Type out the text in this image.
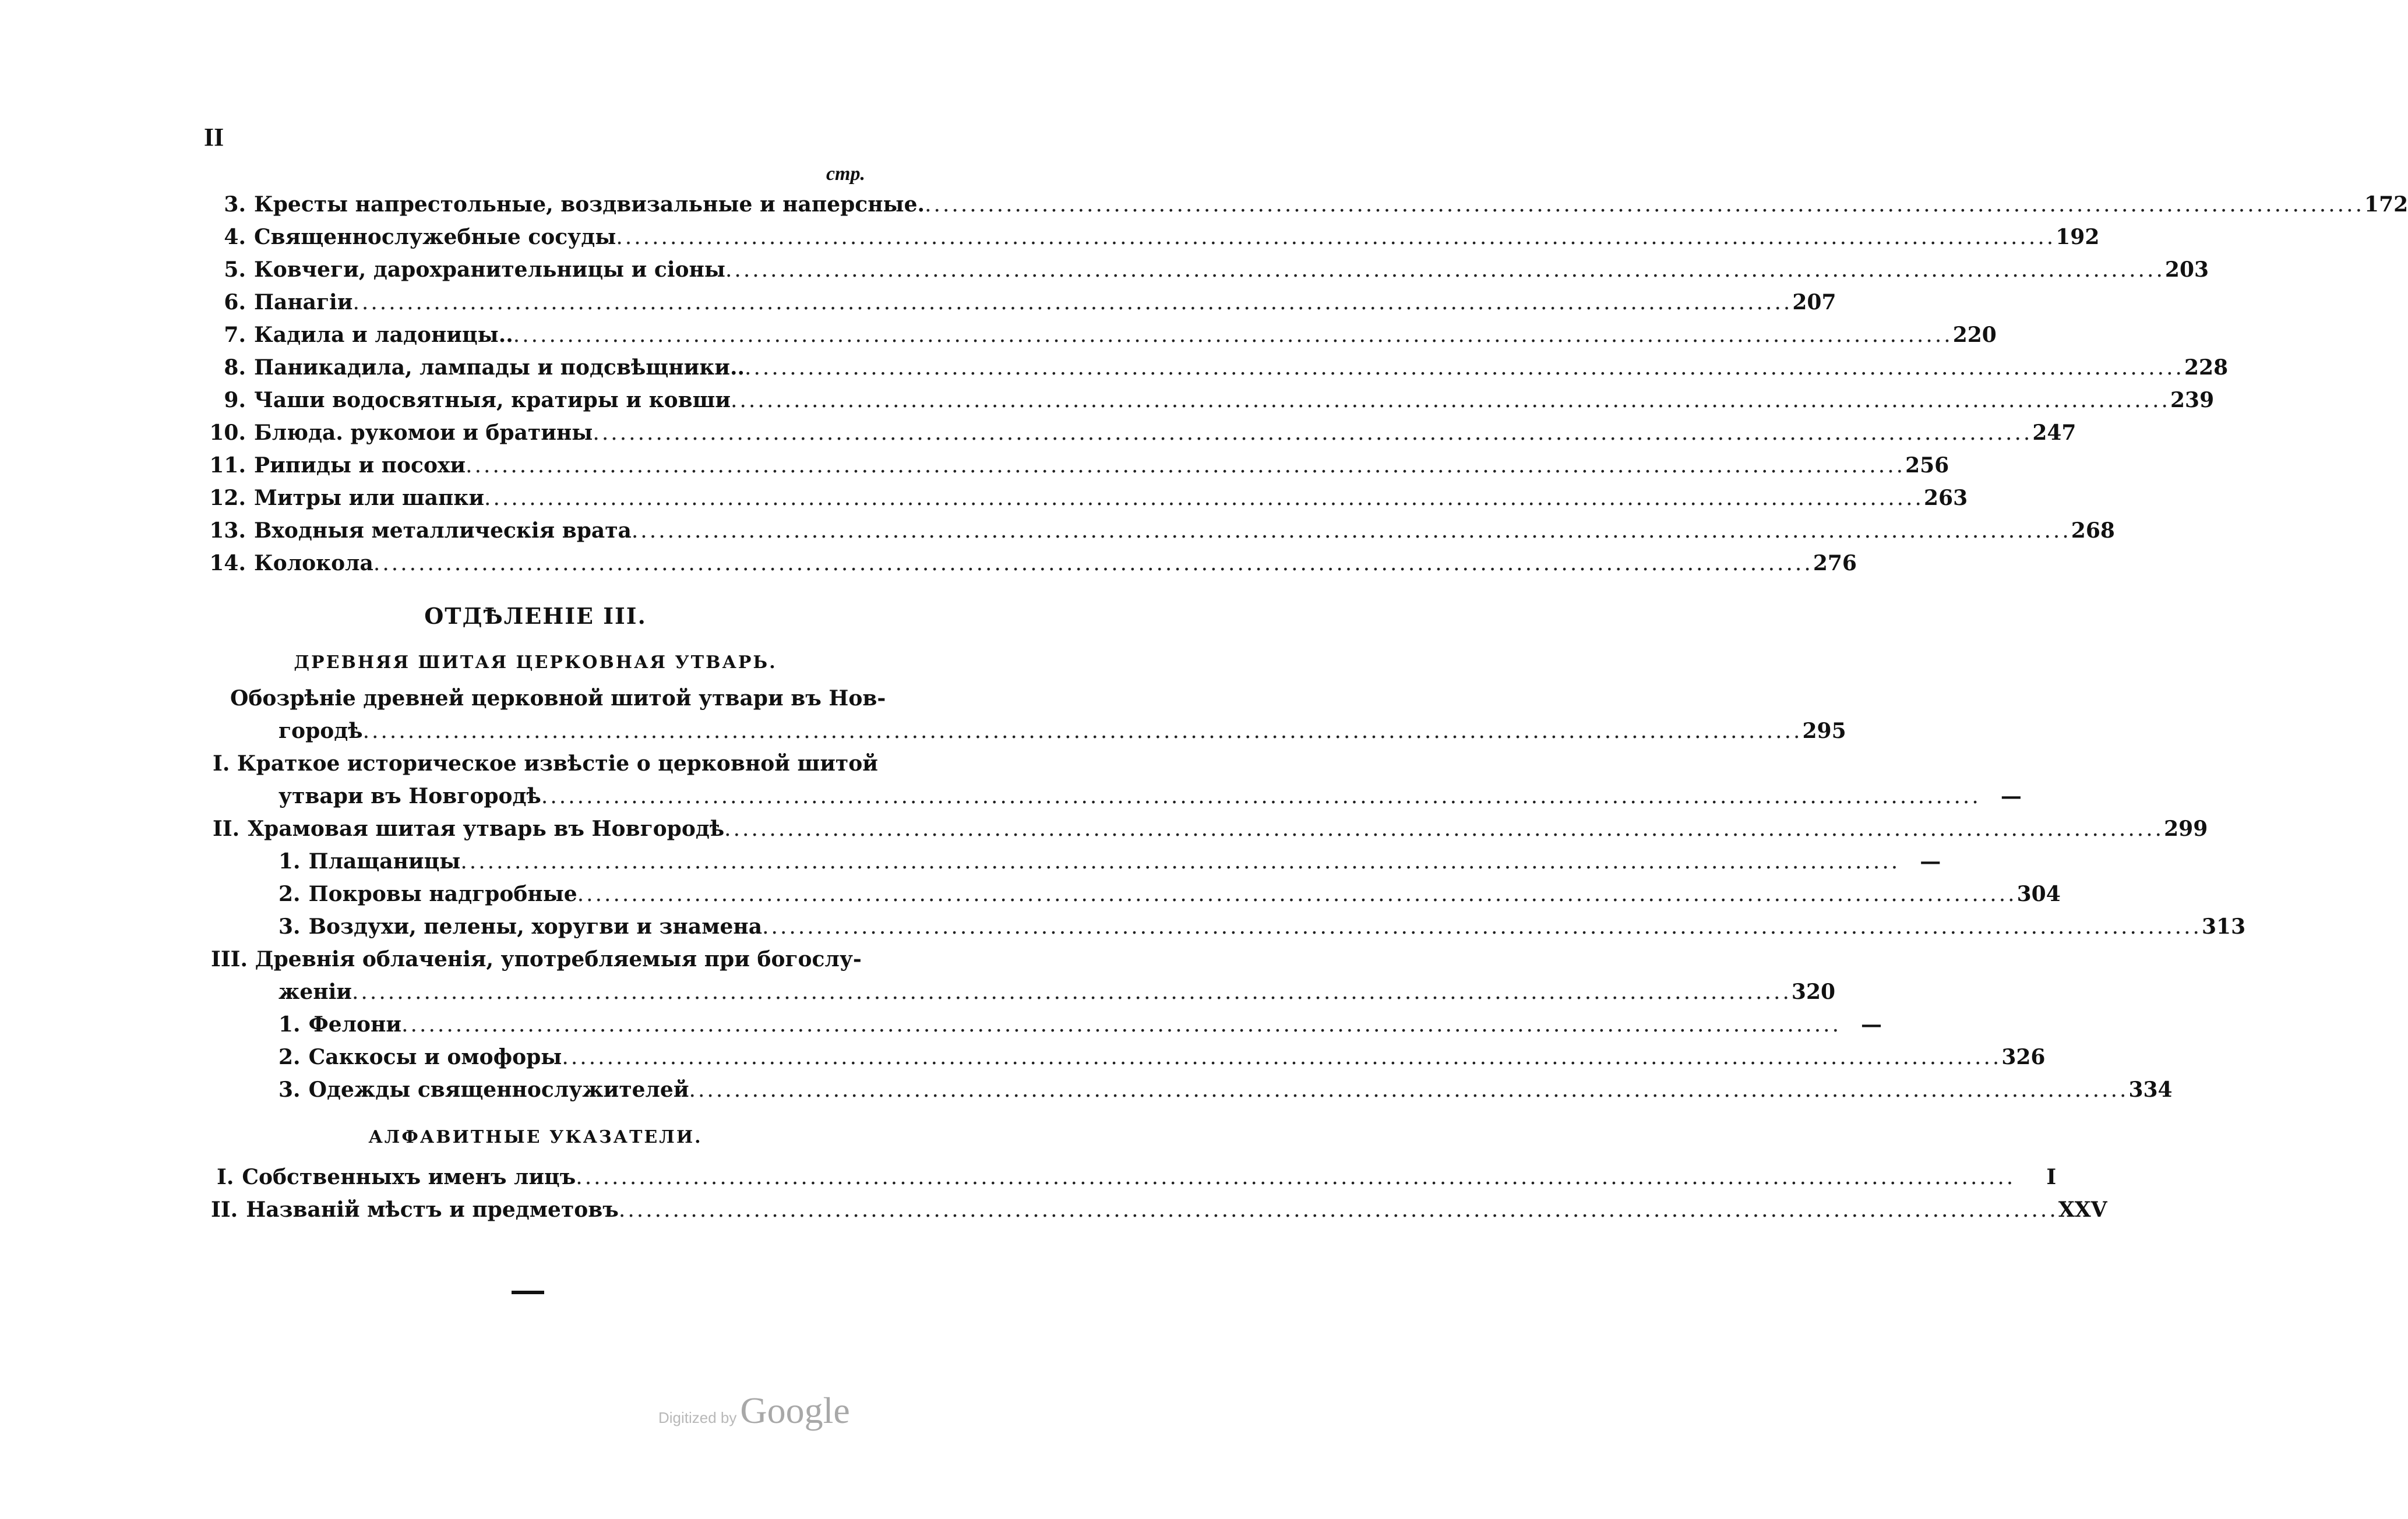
II
стр.
3. Кресты напрестольные, воздвизальные и наперсные. .....	172
4. Священнослужебные сосуды .....	192
5. Ковчеги, дарохранительницы и сіоны .....	203
6. Панагіи .....	207
7. Кадила и ладоницы.. .....	220
8. Паникадила, лампады и подсвѣщники.. .....	228
9. Чаши водосвятныя, кратиры и ковши .....	239
10. Блюда. рукомои и братины .....	247
11. Рипиды и посохи .....	256
12. Митры или шапки .....	263
13. Входныя металлическія врата .....	268
14. Колокола .....	276
ОТДѢЛЕНІЕ III.
ДРЕВНЯЯ ШИТАЯ ЦЕРКОВНАЯ УТВАРЬ.
Обозрѣніе древней церковной шитой утвари въ Нов-
городѣ .....	295
I. Краткое историческое извѣстіе о церковной шитой
утвари въ Новгородѣ .....	—
II. Храмовая шитая утварь въ Новгородѣ .....	299
1. Плащаницы .....	—
2. Покровы надгробные .....	304
3. Воздухи, пелены, хоругви и знамена .....	313
III. Древнія облаченія, употребляемыя при богослу-
женіи .....	320
1. Фелони .....	—
2. Саккосы и омофоры .....	326
3. Одежды священнослужителей .....	334
АЛФАВИТНЫЕ УКАЗАТЕЛИ.
I. Собственныхъ именъ лицъ .....	I
II. Названій мѣстъ и предметовъ .....	XXV
Digitized by Google
